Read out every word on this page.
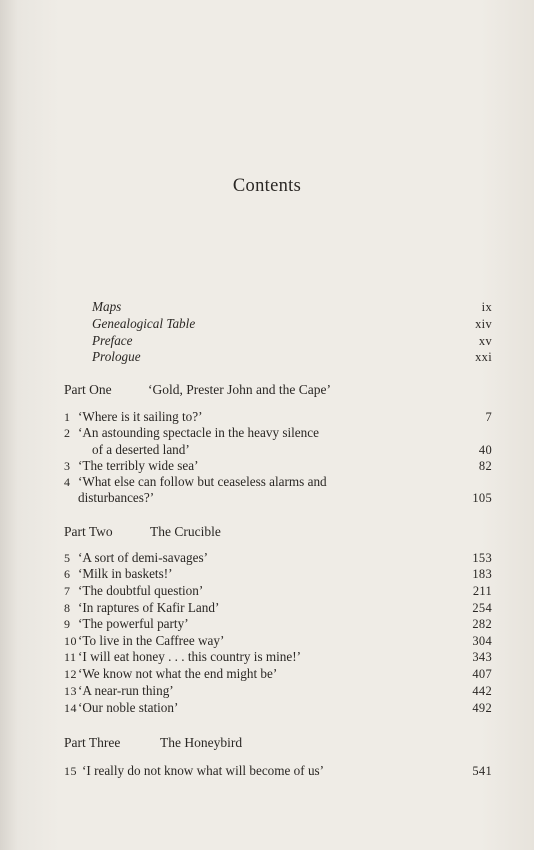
Contents
Maps	ix
Genealogical Table	xiv
Preface	xv
Prologue	xxi
Part One	‘Gold, Prester John and the Cape’
1 ‘Where is it sailing to?’	7
2 ‘An astounding spectacle in the heavy silence
of a deserted land’	40
3 ‘The terribly wide sea’	82
4 ‘What else can follow but ceaseless alarms and
disturbances?’	105
Part Two	The Crucible
5 ‘A sort of demi-savages’	153
6 ‘Milk in baskets!’	183
7 ‘The doubtful question’	211
8 ‘In raptures of Kafir Land’	254
9 ‘The powerful party’	282
10 ‘To live in the Caffree way’	304
11 ‘I will eat honey . . . this country is mine!’	343
12 ‘We know not what the end might be’	407
13 ‘A near-run thing’	442
14 ‘Our noble station’	492
Part Three	The Honeybird
15 ‘I really do not know what will become of us’	541
